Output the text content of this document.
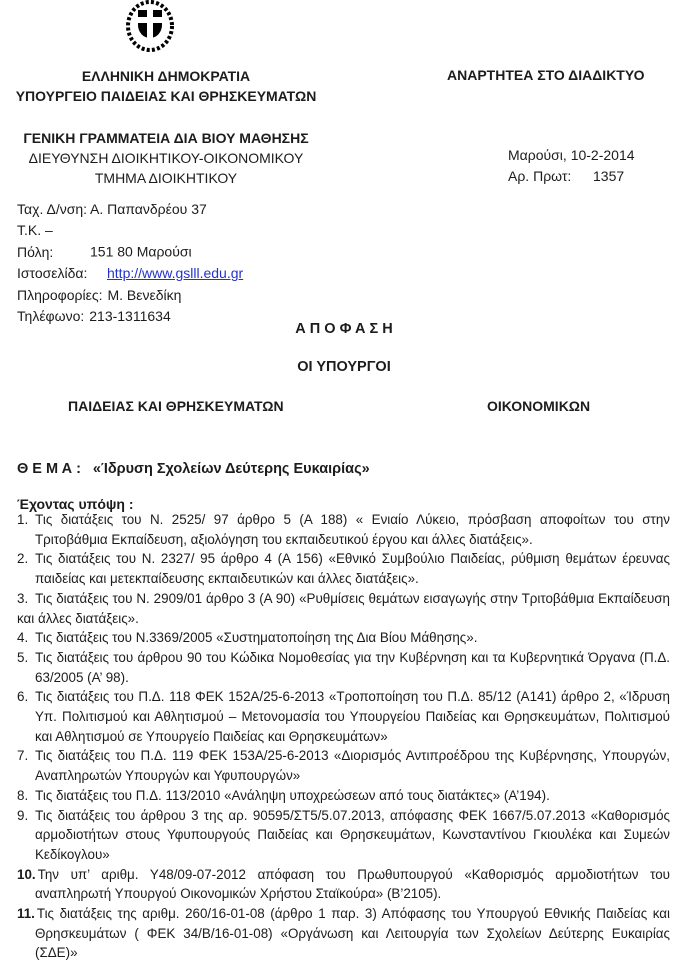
ΕΛΛΗΝΙΚΗ ΔΗΜΟΚΡΑΤΙΑ
ΥΠΟΥΡΓΕΙΟ ΠΑΙΔΕΙΑΣ ΚΑΙ ΘΡΗΣΚΕΥΜΑΤΩΝ
ΓΕΝΙΚΗ ΓΡΑΜΜΑΤΕΙΑ ΔΙΑ ΒΙΟΥ ΜΑΘΗΣΗΣ
ΔΙΕΥΘΥΝΣΗ ΔΙΟΙΚΗΤΙΚΟΥ-ΟΙΚΟΝΟΜΙΚΟΥ
ΤΜΗΜΑ ΔΙΟΙΚΗΤΙΚΟΥ
ΑΝΑΡΤΗΤΕΑ ΣΤΟ ΔΙΑΔΙΚΤΥΟ
Μαρούσι, 10-2-2014
Αρ. Πρωτ: 1357
Ταχ. Δ/νση: Α. Παπανδρέου 37
Τ.Κ. – Πόλη:	151 80 Μαρούσι
Ιστοσελίδα: http://www.gslll.edu.gr
Πληροφορίες: Μ. Βενεδίκη
Τηλέφωνο: 213-1311634
Α Π Ο Φ Α Σ Η
ΟΙ ΥΠΟΥΡΓΟΙ
ΠΑΙΔΕΙΑΣ ΚΑΙ ΘΡΗΣΚΕΥΜΑΤΩΝ	ΟΙΚΟΝΟΜΙΚΩΝ
Θ Ε Μ Α : «Ίδρυση Σχολείων Δεύτερης Ευκαιρίας»
Έχοντας υπόψη :
1. Τις διατάξεις του Ν. 2525/ 97 άρθρο 5 (Α 188) « Ενιαίο Λύκειο, πρόσβαση αποφοίτων του στην Τριτοβάθμια Εκπαίδευση, αξιολόγηση του εκπαιδευτικού έργου και άλλες διατάξεις».
2. Τις διατάξεις του Ν. 2327/ 95 άρθρο 4 (Α 156) «Εθνικό Συμβούλιο Παιδείας, ρύθμιση θεμάτων έρευνας παιδείας και μετεκπαίδευσης εκπαιδευτικών και άλλες διατάξεις».
3. Τις διατάξεις του Ν. 2909/01 άρθρο 3 (Α 90) «Ρυθμίσεις θεμάτων εισαγωγής στην Τριτοβάθμια Εκπαίδευση και άλλες διατάξεις».
4. Τις διατάξεις του Ν.3369/2005 «Συστηματοποίηση της Δια Βίου Μάθησης».
5. Τις διατάξεις του άρθρου 90 του Κώδικα Νομοθεσίας για την Κυβέρνηση και τα Κυβερνητικά Όργανα (Π.Δ. 63/2005 (Α’ 98).
6. Τις διατάξεις του Π.Δ. 118 ΦΕΚ 152Α/25-6-2013 «Τροποποίηση του Π.Δ. 85/12 (Α141) άρθρο 2, «Ίδρυση Υπ. Πολιτισμού και Αθλητισμού – Μετονομασία του Υπουργείου Παιδείας και Θρησκευμάτων, Πολιτισμού και Αθλητισμού σε Υπουργείο Παιδείας και Θρησκευμάτων»
7. Τις διατάξεις του Π.Δ. 119 ΦΕΚ 153Α/25-6-2013 «Διορισμός Αντιπροέδρου της Κυβέρνησης, Υπουργών, Αναπληρωτών Υπουργών και Υφυπουργών»
8. Τις διατάξεις του Π.Δ. 113/2010 «Ανάληψη υποχρεώσεων από τους διατάκτες» (Α’194).
9. Τις διατάξεις του άρθρου 3 της αρ. 90595/ΣΤ5/5.07.2013, απόφασης ΦΕΚ 1667/5.07.2013 «Καθορισμός αρμοδιοτήτων στους Υφυπουργούς Παιδείας και Θρησκευμάτων, Κωνσταντίνου Γκιουλέκα και Συμεών Κεδίκογλου»
10. Την υπ’ αριθμ. Υ48/09-07-2012 απόφαση του Πρωθυπουργού «Καθορισμός αρμοδιοτήτων του αναπληρωτή Υπουργού Οικονομικών Χρήστου Σταϊκούρα» (Β’2105).
11. Τις διατάξεις της αριθμ. 260/16-01-08 (άρθρο 1 παρ. 3) Απόφασης του Υπουργού Εθνικής Παιδείας και Θρησκευμάτων ( ΦΕΚ 34/Β/16-01-08) «Οργάνωση και Λειτουργία των Σχολείων Δεύτερης Ευκαιρίας (ΣΔΕ)»
